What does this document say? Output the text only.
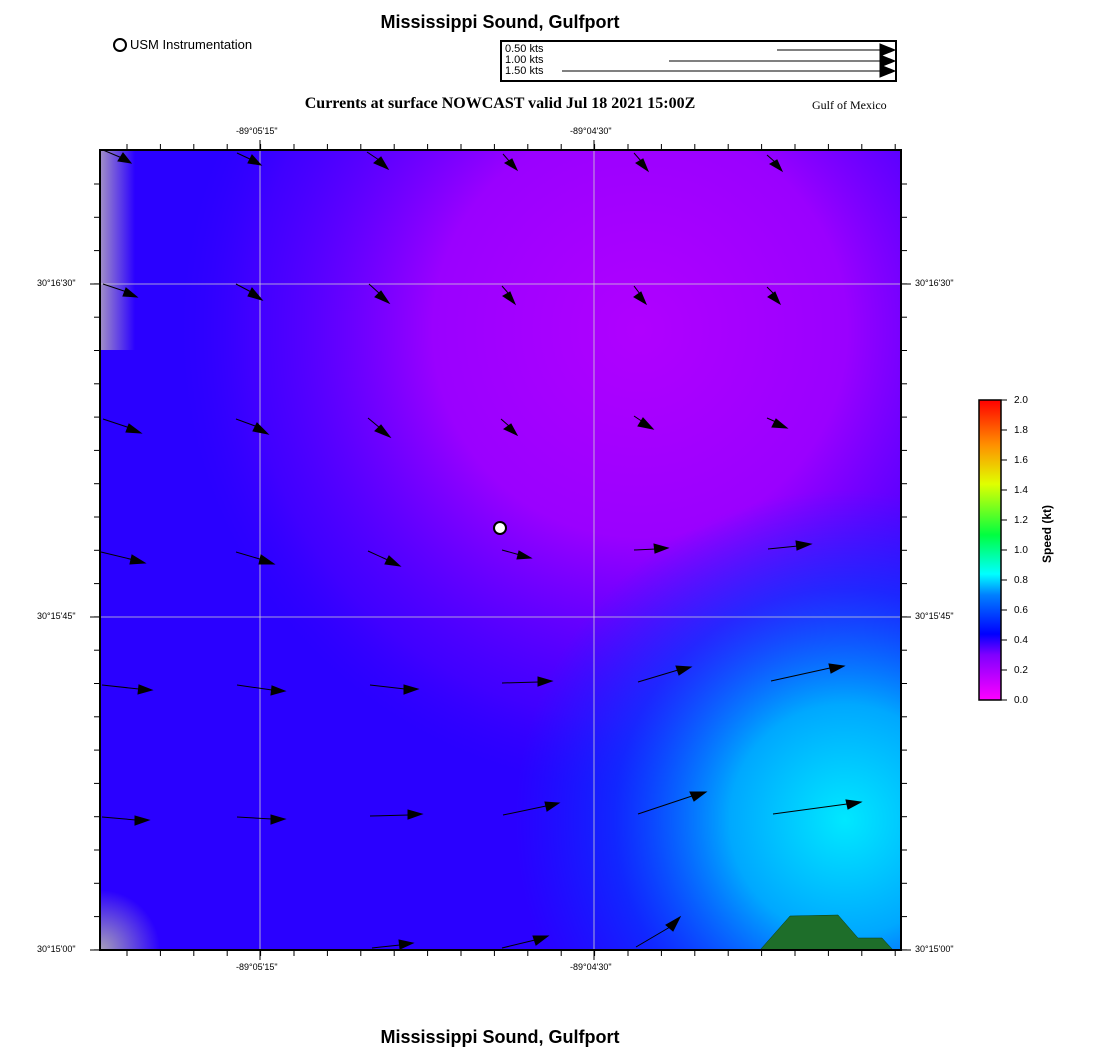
Mississippi Sound, Gulfport
USM Instrumentation	0.50 kts
1.00 kts
1.50 kts
Currents at surface NOWCAST valid Jul 18 2021 15:00Z	Gulf of Mexico
-89°05'15"	-89°04'30"
-89°05'15"	-89°04'30"
30°16'30"
30°15'45"
30°15'00"
30°16'30"
30°15'45"
30°15'00"
2.0
1.8
1.6
1.4
1.2
1.0
0.8
0.6
0.4
0.2
0.0
Speed (kt)
Mississippi Sound, Gulfport
